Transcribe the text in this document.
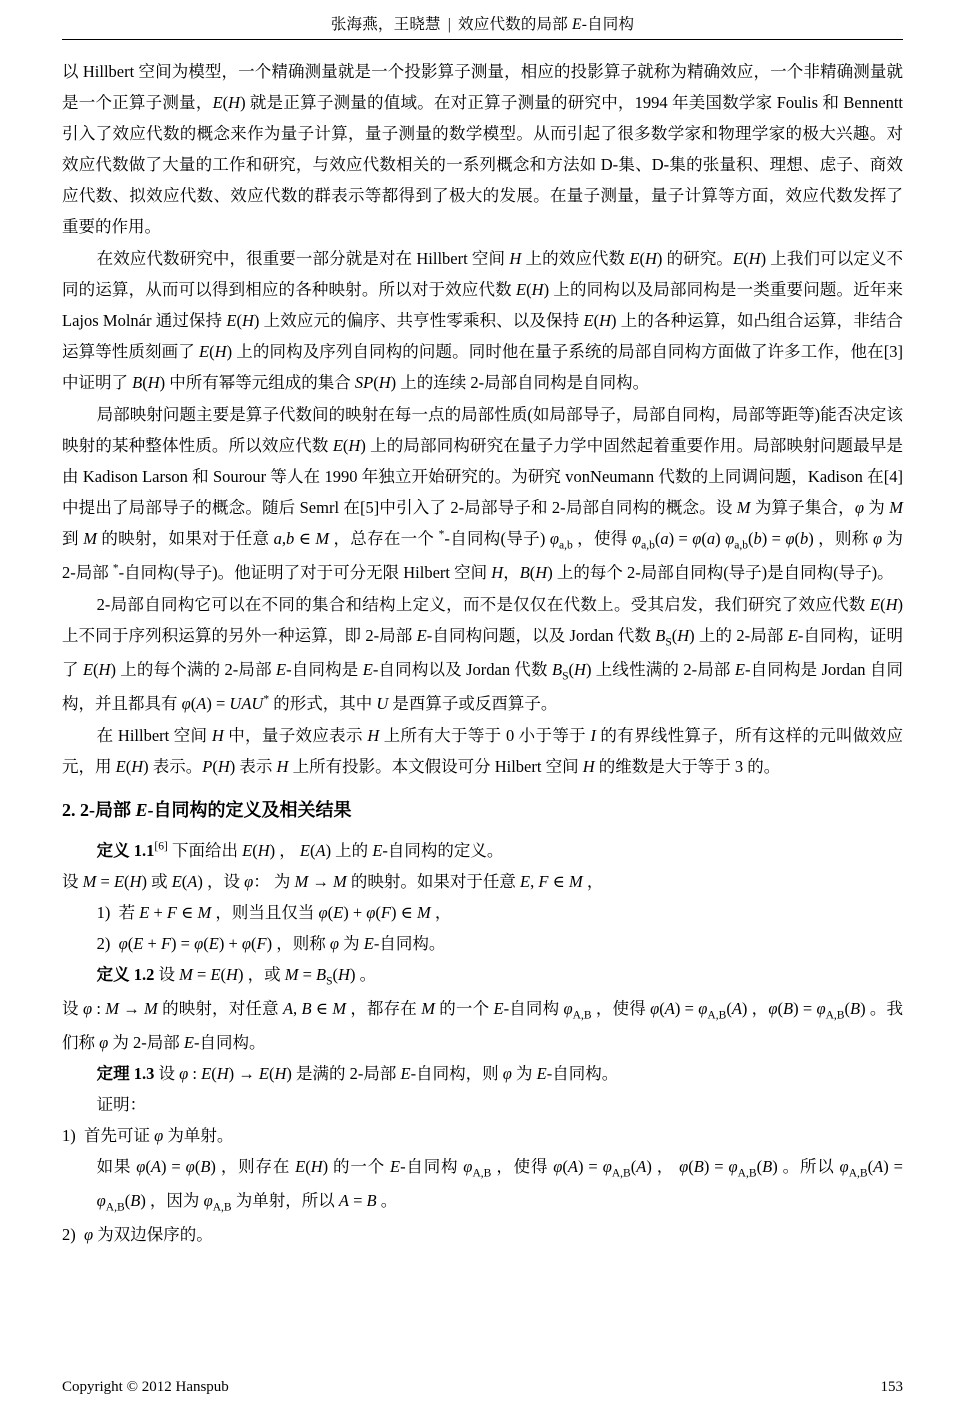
张海燕，王晓慧 | 效应代数的局部 E-自同构

以 Hillbert 空间为模型，一个精确测量就是一个投影算子测量，相应的投影算子就称为精确效应，一个非精确测量就是一个正算子测量，E(H) 就是正算子测量的值域。在对正算子测量的研究中，1994 年美国数学家 Foulis 和 Bennentt 引入了效应代数的概念来作为量子计算，量子测量的数学模型。从而引起了很多数学家和物理学家的极大兴趣。对效应代数做了大量的工作和研究，与效应代数相关的一系列概念和方法如 D-集、D-集的张量积、理想、虑子、商效应代数、拟效应代数、效应代数的群表示等都得到了极大的发展。在量子测量，量子计算等方面，效应代数发挥了重要的作用。

在效应代数研究中，很重要一部分就是对在 Hillbert 空间 H 上的效应代数 E(H) 的研究。E(H) 上我们可以定义不同的运算，从而可以得到相应的各种映射。所以对于效应代数 E(H) 上的同构以及局部同构是一类重要问题。近年来 Lajos Molnár 通过保持 E(H) 上效应元的偏序、共亨性零乘积、以及保持 E(H) 上的各种运算，如凸组合运算，非结合运算等性质刻画了 E(H) 上的同构及序列自同构的问题。同时他在量子系统的局部自同构方面做了许多工作，他在[3]中证明了 B(H) 中所有幂等元组成的集合 SP(H) 上的连续 2-局部自同构是自同构。

局部映射问题主要是算子代数间的映射在每一点的局部性质(如局部导子，局部自同构，局部等距等)能否决定该映射的某种整体性质。所以效应代数 E(H) 上的局部同构研究在量子力学中固然起着重要作用。局部映射问题最早是由 Kadison Larson 和 Sourour 等人在 1990 年独立开始研究的。为研究 vonNeumann 代数的上同调问题，Kadison 在[4]中提出了局部导子的概念。随后 Semrl 在[5]中引入了 2-局部导子和 2-局部自同构的概念。设 M 为算子集合，φ 为 M 到 M 的映射，如果对于任意 a,b ∈ M ，总存在一个 *-自同构(导子) $\varphi_{a,b}$ ，使得 $\varphi_{a,b}(a) = \varphi(a) \varphi_{a,b}(b) = \varphi(b)$ ，则称 φ 为 2-局部 *-自同构(导子)。他证明了对于可分无限 Hilbert 空间 H，B(H) 上的每个 2-局部自同构(导子)是自同构(导子)。

2-局部自同构它可以在不同的集合和结构上定义，而不是仅仅在代数上。受其启发，我们研究了效应代数 E(H) 上不同于序列积运算的另外一种运算，即 2-局部 E-自同构问题，以及 Jordan 代数 $B_S(H)$ 上的 2-局部 E-自同构，证明了 E(H) 上的每个满的 2-局部 E-自同构是 E-自同构以及 Jordan 代数 $B_S(H)$ 上线性满的 2-局部 E-自同构是 Jordan 自同构，并且都具有 φ(A) = UAU* 的形式，其中 U 是酉算子或反酉算子。

在 Hillbert 空间 H 中，量子效应表示 H 上所有大于等于 0 小于等于 I 的有界线性算子，所有这样的元叫做效应元，用 E(H) 表示。P(H) 表示 H 上所有投影。本文假设可分 Hilbert 空间 H 的维数是大于等于 3 的。

2. 2-局部 E-自同构的定义及相关结果

定义 1.1[6] 下面给出 E(H) ， E(A) 上的 E-自同构的定义。

设 M = E(H) 或 E(A) ，设 φ： 为 M → M 的映射。如果对于任意 E, F ∈ M ，

1)  若 E + F ∈ M ，则当且仅当 φ(E) + φ(F) ∈ M ，

2)  φ(E + F) = φ(E) + φ(F) ，则称 φ 为 E-自同构。

定义 1.2 设 M = E(H) ，或 $M = B_S(H)$ 。

设 φ : M → M 的映射，对任意 A, B ∈ M ，都存在 M 的一个 E-自同构 $\varphi_{A,B}$ ，使得 $\varphi(A) = \varphi_{A,B}(A)$ ，$\varphi(B) = \varphi_{A,B}(B)$ 。我们称 φ 为 2-局部 E-自同构。

定理 1.3 设 φ : E(H) → E(H) 是满的 2-局部 E-自同构，则 φ 为 E-自同构。

证明：

1)  首先可证 φ 为单射。

如果 φ(A) = φ(B) ，则存在 E(H) 的一个 E-自同构 $\varphi_{A,B}$ ，使得 $\varphi(A) = \varphi_{A,B}(A)$ ， $\varphi(B) = \varphi_{A,B}(B)$ 。所以 $\varphi_{A,B}(A) = \varphi_{A,B}(B)$ ，因为 $\varphi_{A,B}$ 为单射，所以 A = B 。

2)  φ 为双边保序的。

Copyright © 2012 Hanspub	153
